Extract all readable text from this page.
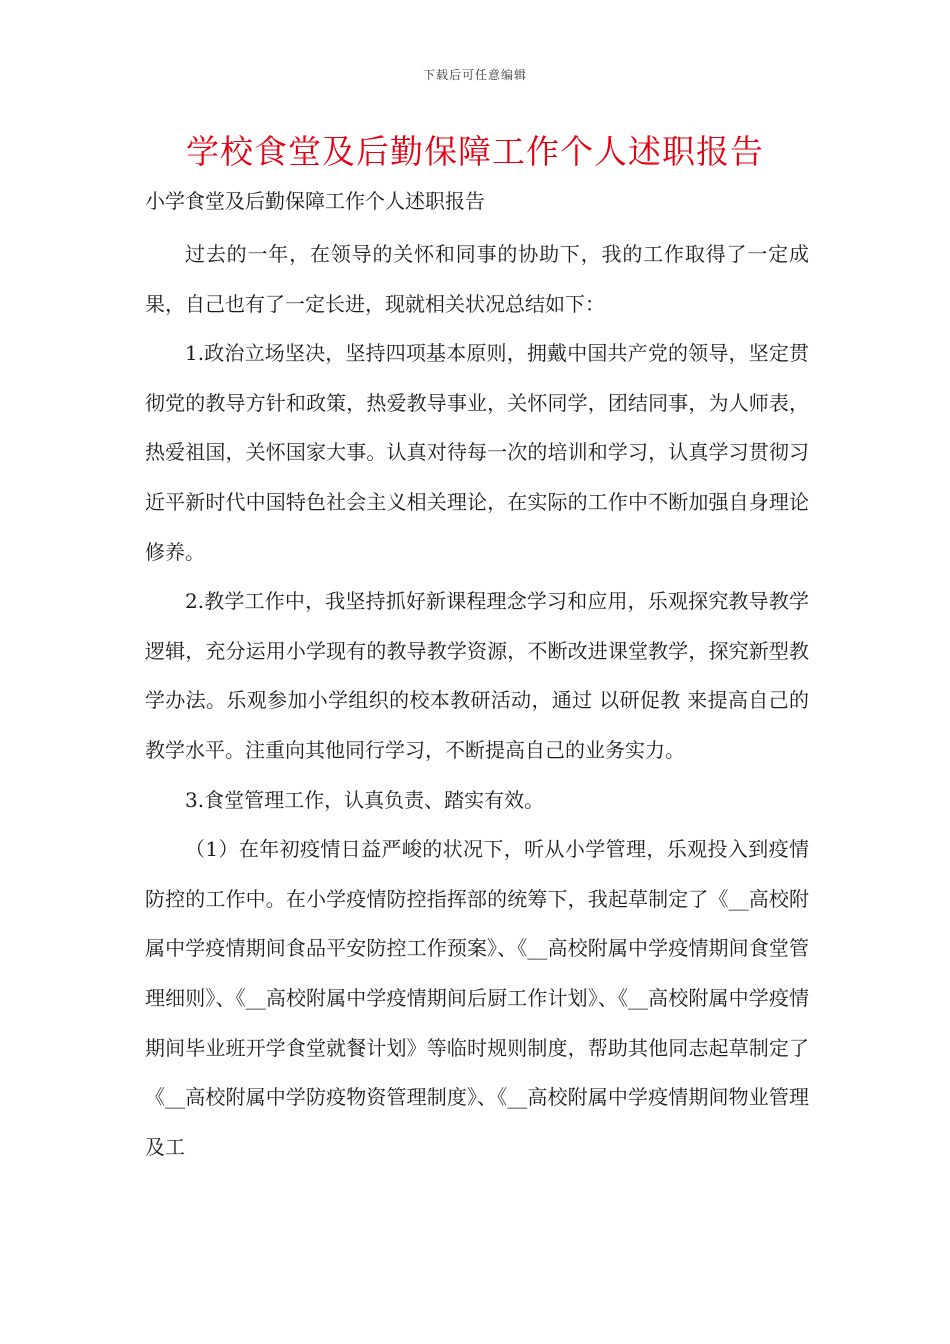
下载后可任意编辑
学校食堂及后勤保障工作个人述职报告

小学食堂及后勤保障工作个人述职报告

过去的一年，在领导的关怀和同事的协助下，我的工作取得了一定成果，自己也有了一定长进，现就相关状况总结如下：

1.政治立场坚决，坚持四项基本原则，拥戴中国共产党的领导，坚定贯彻党的教导方针和政策，热爱教导事业，关怀同学，团结同事，为人师表，热爱祖国，关怀国家大事。认真对待每一次的培训和学习，认真学习贯彻习近平新时代中国特色社会主义相关理论，在实际的工作中不断加强自身理论修养。

2.教学工作中，我坚持抓好新课程理念学习和应用，乐观探究教导教学逻辑，充分运用小学现有的教导教学资源，不断改进课堂教学，探究新型教学办法。乐观参加小学组织的校本教研活动，通过 以研促教 来提高自己的教学水平。注重向其他同行学习，不断提高自己的业务实力。

3.食堂管理工作，认真负责、踏实有效。

（1）在年初疫情日益严峻的状况下，听从小学管理，乐观投入到疫情防控的工作中。在小学疫情防控指挥部的统筹下，我起草制定了《__高校附属中学疫情期间食品平安防控工作预案》、《__高校附属中学疫情期间食堂管理细则》、《__高校附属中学疫情期间后厨工作计划》、《__高校附属中学疫情期间毕业班开学食堂就餐计划》等临时规则制度，帮助其他同志起草制定了《__高校附属中学防疫物资管理制度》、《__高校附属中学疫情期间物业管理及工
